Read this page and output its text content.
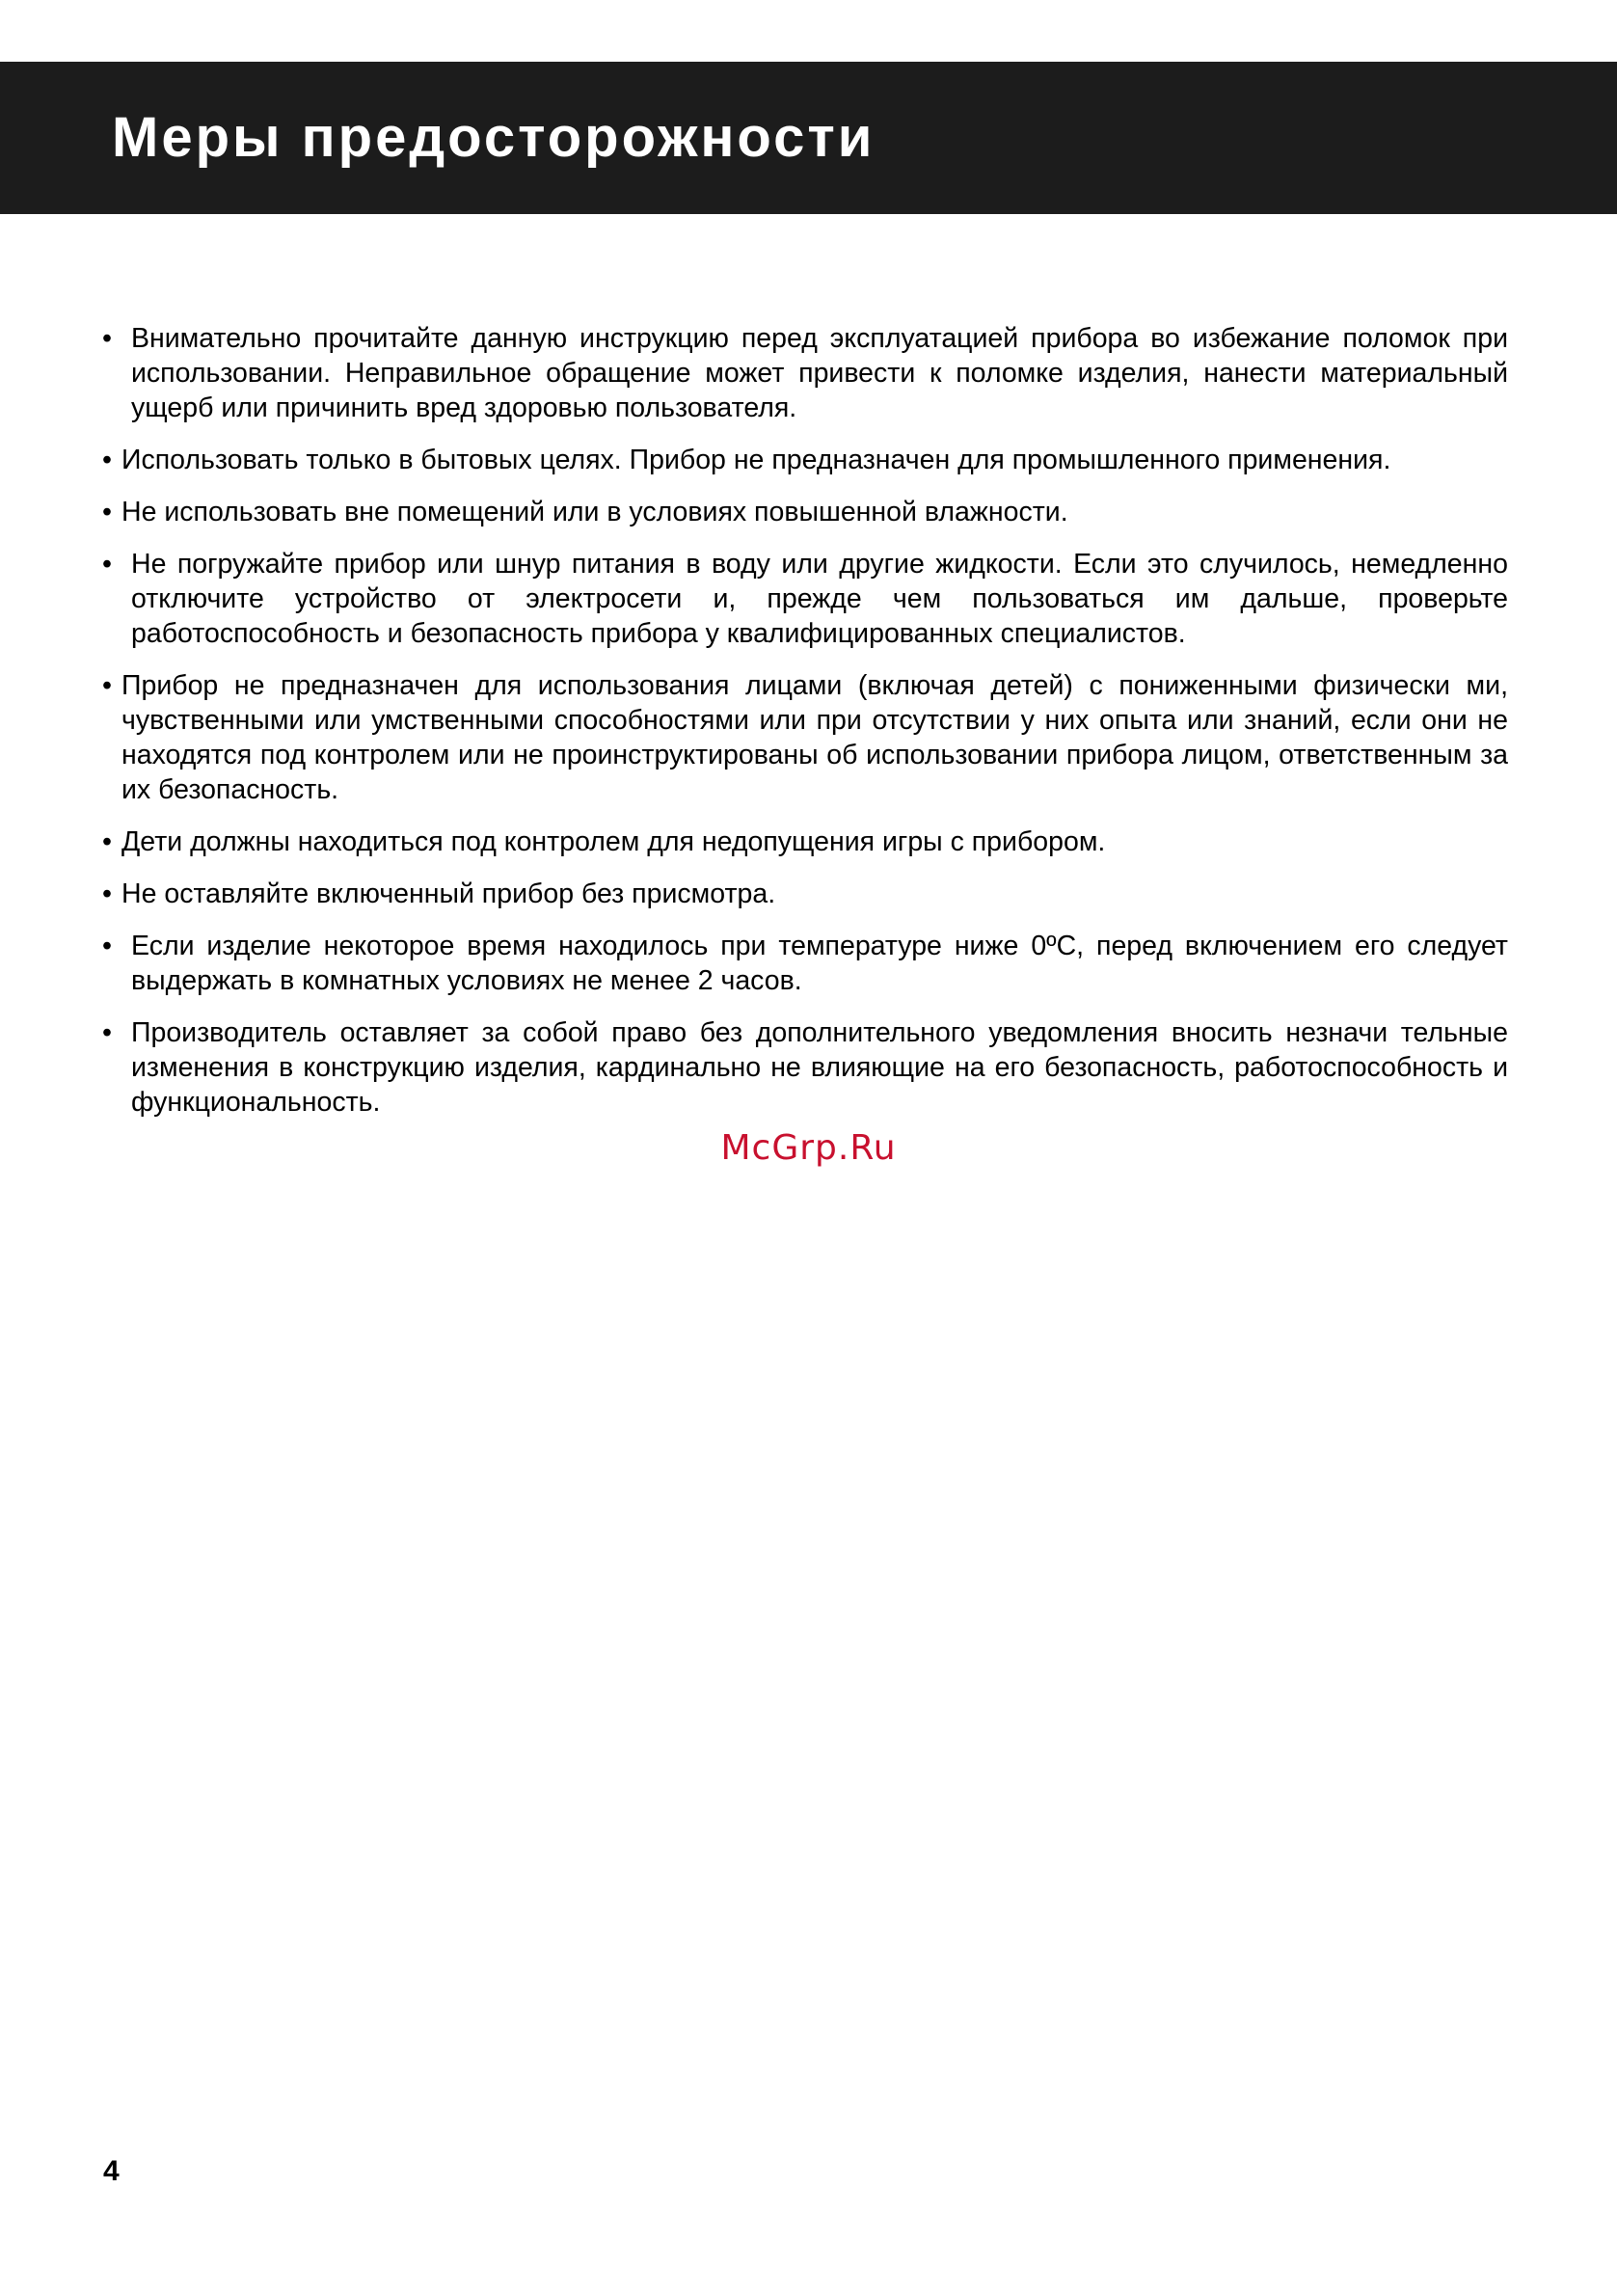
Меры предосторожности
• Внимательно прочитайте данную инструкцию перед эксплуатацией прибора во избежание поломок при использовании. Неправильное обращение может привести к поломке изделия, нанести материальный ущерб или причинить вред здоровью пользователя.
• Использовать только в бытовых целях. Прибор не предназначен для промышленного применения.
• Не использовать вне помещений или в условиях повышенной влажности.
• Не погружайте прибор или шнур питания в воду или другие жидкости. Если это случилось, немедленно отключите устройство от электросети и, прежде чем пользоваться им дальше, проверьте работоспособность и безопасность прибора у квалифицированных специалистов.
• Прибор не предназначен для использования лицами (включая детей) с пониженными физически ми, чувственными или умственными способностями или при отсутствии у них опыта или знаний, если они не находятся под контролем или не проинструктированы об использовании прибора лицом, ответственным за их безопасность.
• Дети должны находиться под контролем для недопущения игры с прибором.
• Не оставляйте включенный прибор без присмотра.
• Если изделие некоторое время находилось при температуре ниже 0ºC, перед включением его следует выдержать в комнатных условиях не менее 2 часов.
• Производитель оставляет за собой право без дополнительного уведомления вносить незначи тельные изменения в конструкцию изделия, кардинально не влияющие на его безопасность, работоспособность и функциональность.
McGrp.Ru
4
